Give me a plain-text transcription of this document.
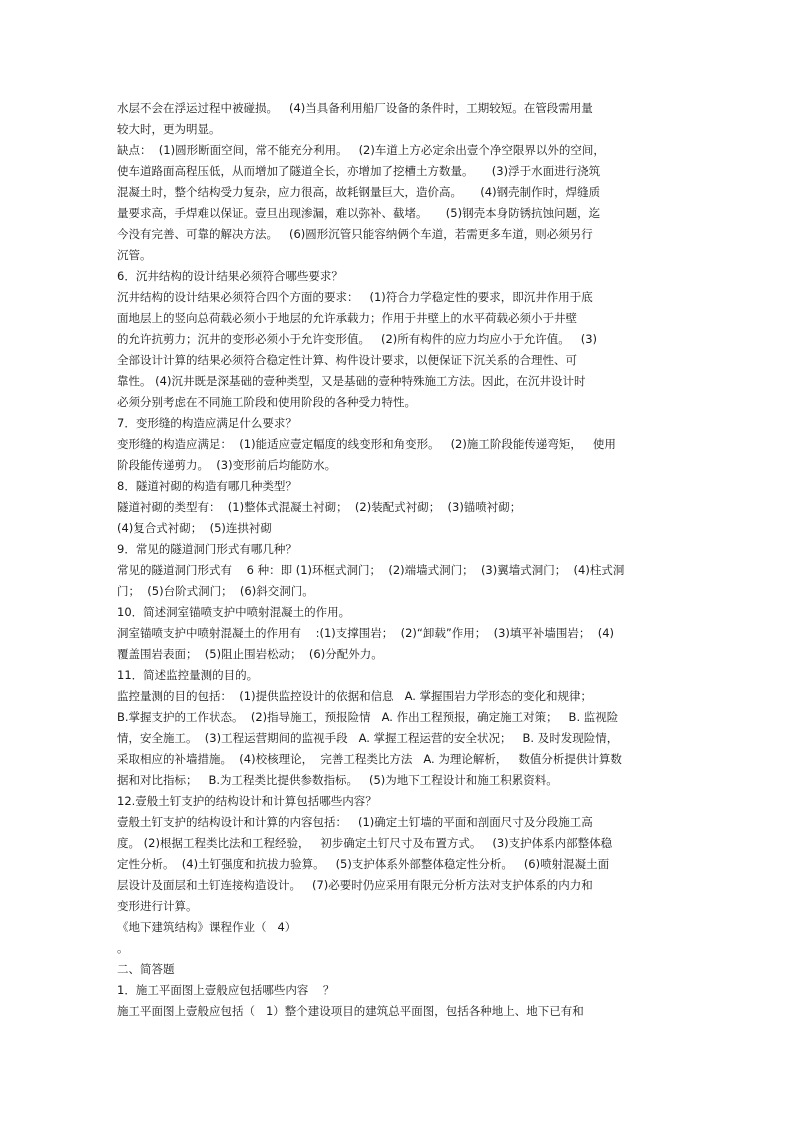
水层不会在浮运过程中被碰损。   (4)当具备利用船厂设备的条件时，工期较短。在管段需用量
较大时，更为明显。
缺点：  (1)圆形断面空间，常不能充分利用。   (2)车道上方必定余出壹个净空限界以外的空间，
使车道路面高程压低，从而增加了隧道全长，亦增加了挖槽土方数量。     (3)浮于水面进行浇筑
混凝土时，整个结构受力复杂，应力很高，故耗钢量巨大，造价高。     (4)钢壳制作时，焊缝质
量要求高，手焊难以保证。壹旦出现渗漏，难以弥补、截堵。     (5)钢壳本身防锈抗蚀问题，迄
今没有完善、可靠的解决方法。   (6)圆形沉管只能容纳俩个车道，若需更多车道，则必须另行
沉管。
6．沉井结构的设计结果必须符合哪些要求？
沉井结构的设计结果必须符合四个方面的要求：   (1)符合力学稳定性的要求，即沉井作用于底
面地层上的竖向总荷载必须小于地层的允许承载力；作用于井壁上的水平荷载必须小于井壁
的允许抗剪力；沉井的变形必须小于允许变形值。   (2)所有构件的应力均应小于允许值。   (3)
全部设计计算的结果必须符合稳定性计算、构件设计要求，以便保证下沉关系的合理性、可
靠性。 (4)沉井既是深基础的壹种类型，又是基础的壹种特殊施工方法。因此，在沉井设计时
必须分别考虑在不同施工阶段和使用阶段的各种受力特性。
7．变形缝的构造应满足什么要求？
变形缝的构造应满足：  (1)能适应壹定幅度的线变形和角变形。   (2)施工阶段能传递弯矩，   使用
阶段能传递剪力。  (3)变形前后均能防水。
8．隧道衬砌的构造有哪几种类型？
隧道衬砌的类型有：  (1)整体式混凝土衬砌；  (2)装配式衬砌；  (3)锚喷衬砌；
(4)复合式衬砌；  (5)连拱衬砌
9．常见的隧道洞门形式有哪几种？
常见的隧道洞门形式有    6 种：即 (1)环框式洞门；  (2)端墙式洞门；  (3)翼墙式洞门；  (4)柱式洞
门；  (5)台阶式洞门；  (6)斜交洞门。
10．简述洞室锚喷支护中喷射混凝土的作用。
洞室锚喷支护中喷射混凝土的作用有    :(1)支撑围岩；  (2)“卸载”作用；  (3)填平补墙围岩；  (4)
覆盖围岩表面；  (5)阻止围岩松动；  (6)分配外力。
11．简述监控量测的目的。
监控量测的目的包括：  (1)提供监控设计的依据和信息   A. 掌握围岩力学形态的变化和规律；
B.掌握支护的工作状态。  (2)指导施工，预报险情   A. 作出工程预报，确定施工对策；   B. 监视险
情，安全施工。  (3)工程运营期间的监视手段   A. 掌握工程运营的安全状况；   B. 及时发现险情，
采取相应的补墙措施。  (4)校核理论，  完善工程类比方法   A. 为理论解析，   数值分析提供计算数
据和对比指标；   B.为工程类比提供参数指标。   (5)为地下工程设计和施工积累资料。
12.壹般土钉支护的结构设计和计算包括哪些内容？
壹般土钉支护的结构设计和计算的内容包括：   (1)确定土钉墙的平面和剖面尺寸及分段施工高
度。 (2)根据工程类比法和工程经验，   初步确定土钉尺寸及布置方式。   (3)支护体系内部整体稳
定性分析。  (4)土钉强度和抗拔力验算。   (5)支护体系外部整体稳定性分析。   (6)喷射混凝土面
层设计及面层和土钉连接构造设计。   (7)必要时仍应采用有限元分析方法对支护体系的内力和
变形进行计算。
《地下建筑结构》课程作业（   4）
。
二、简答题
1．施工平面图上壹般应包括哪些内容    ？
施工平面图上壹般应包括（   1）整个建设项目的建筑总平面图，包括各种地上、地下已有和
